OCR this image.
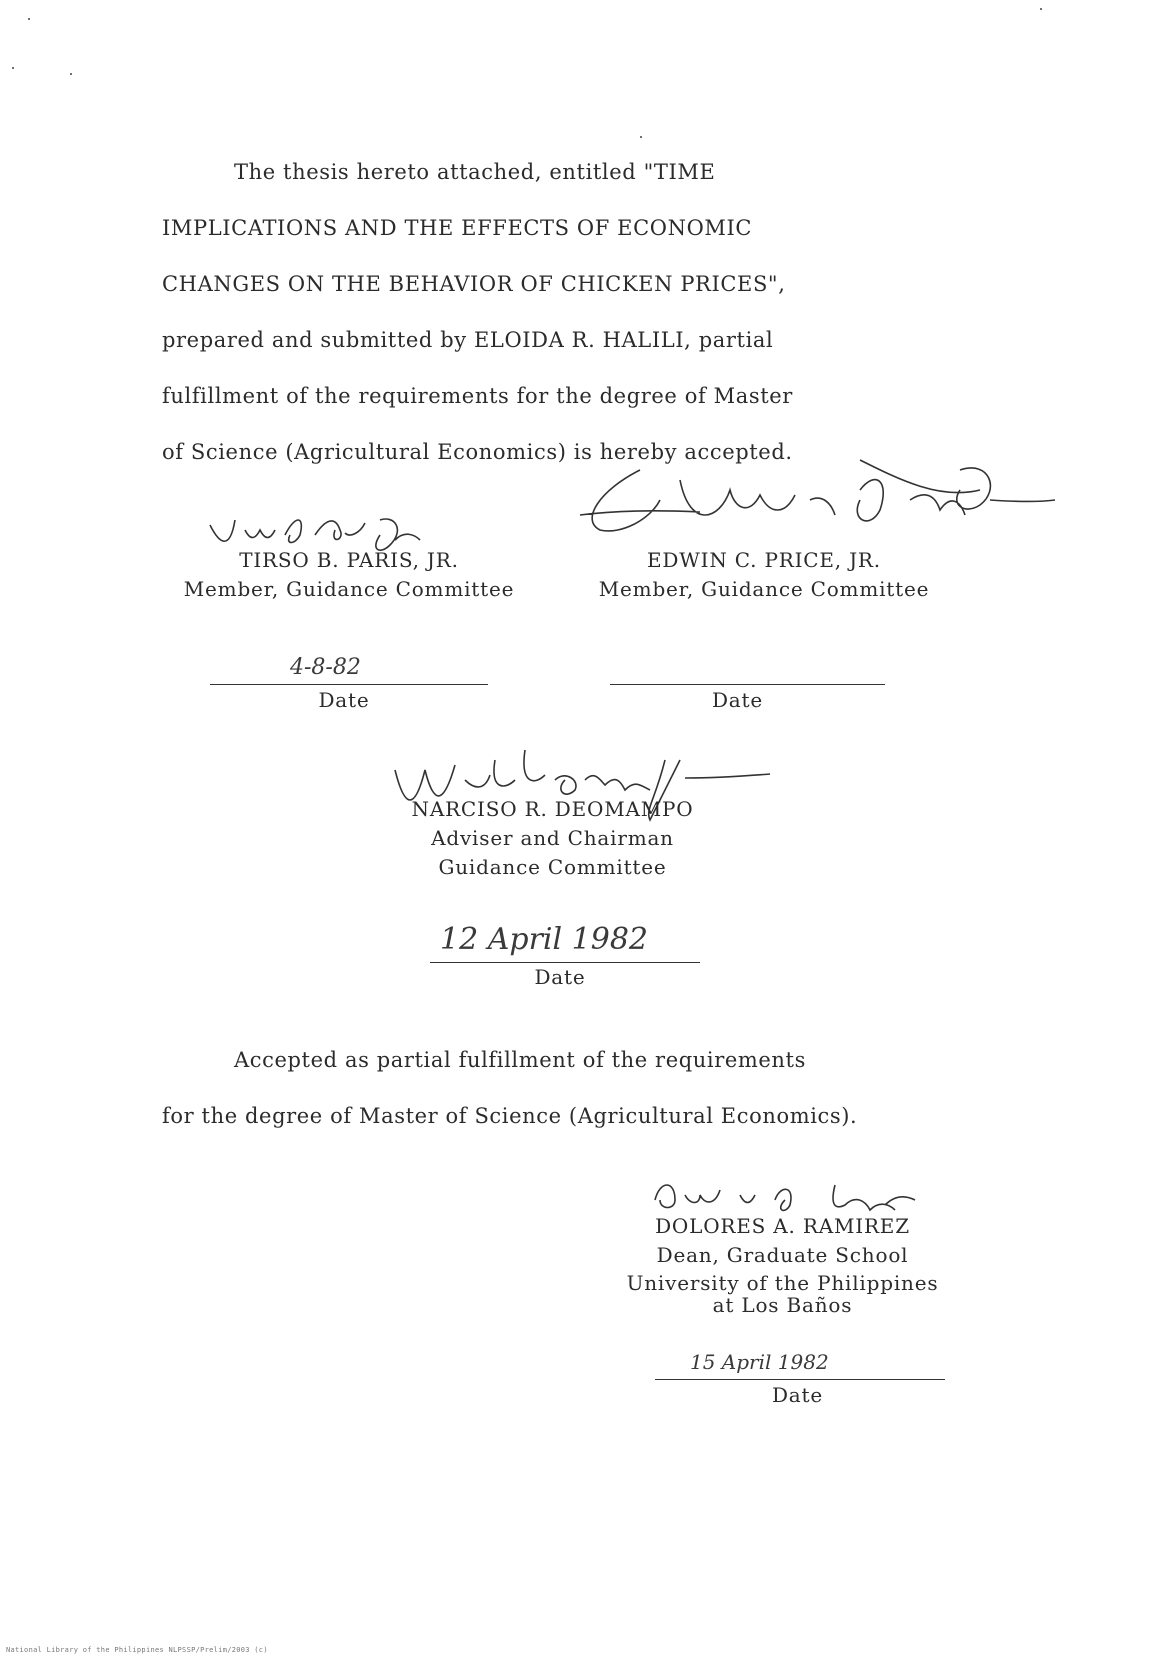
The thesis hereto attached, entitled "TIME
IMPLICATIONS AND THE EFFECTS OF ECONOMIC
CHANGES ON THE BEHAVIOR OF CHICKEN PRICES",
prepared and submitted by ELOIDA R. HALILI, partial
fulfillment of the requirements for the degree of Master
of Science (Agricultural Economics) is hereby accepted.
TIRSO B. PARIS, JR.
Member, Guidance Committee
EDWIN C. PRICE, JR.
Member, Guidance Committee
4-8-82
Date	Date
NARCISO R. DEOMAMPO
Adviser and Chairman
Guidance Committee
12 April 1982
Date
Accepted as partial fulfillment of the requirements
for the degree of Master of Science (Agricultural Economics).
DOLORES A. RAMIREZ
Dean, Graduate School
University of the Philippines
at Los Baños
15 April 1982
Date
National Library of the Philippines NLPSSP/Prelim/2003 (c)
